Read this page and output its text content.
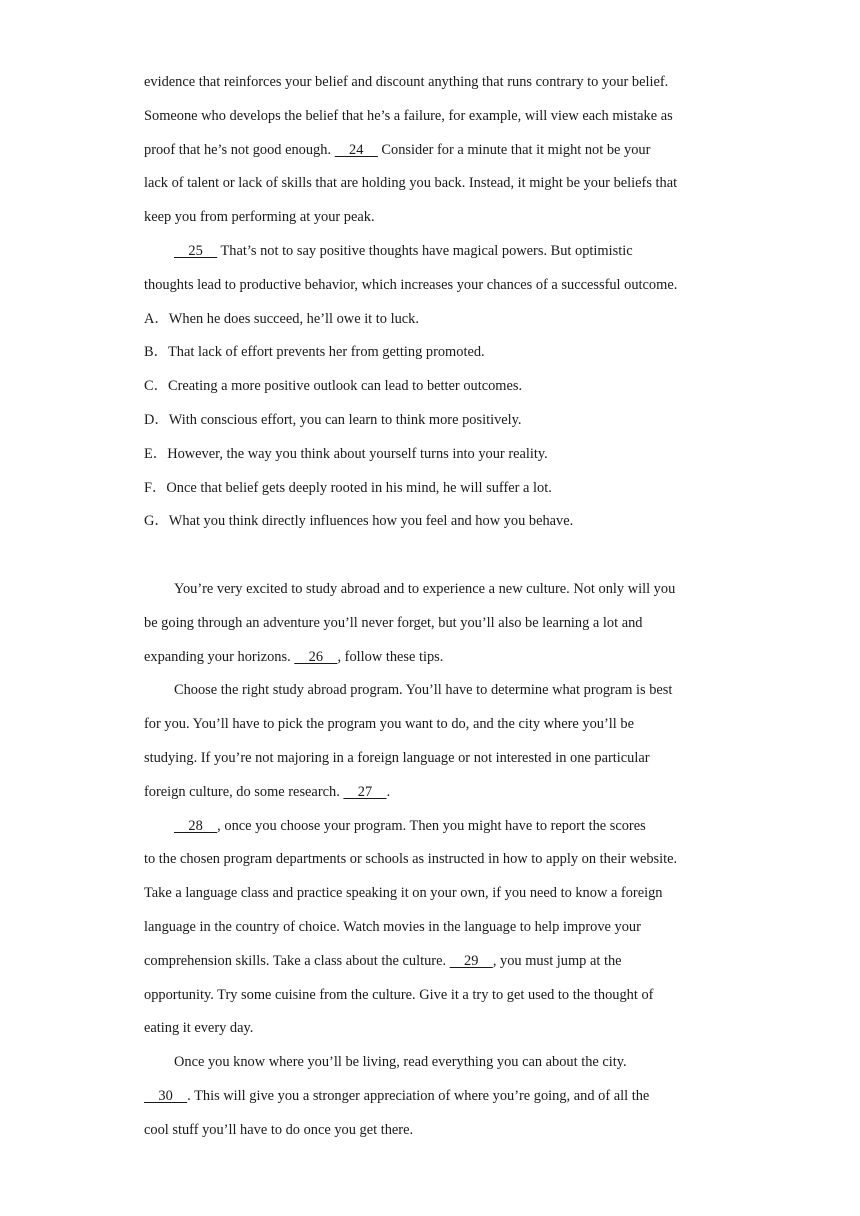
evidence that reinforces your belief and discount anything that runs contrary to your belief.
Someone who develops the belief that he’s a failure, for example, will view each mistake as
proof that he’s not good enough.     24     Consider for a minute that it might not be your
lack of talent or lack of skills that are holding you back. Instead, it might be your beliefs that
keep you from performing at your peak.
25     That’s not to say positive thoughts have magical powers. But optimistic
thoughts lead to productive behavior, which increases your chances of a successful outcome.
A．When he does succeed, he’ll owe it to luck.
B．That lack of effort prevents her from getting promoted.
C．Creating a more positive outlook can lead to better outcomes.
D．With conscious effort, you can learn to think more positively.
E．However, the way you think about yourself turns into your reality.
F．Once that belief gets deeply rooted in his mind, he will suffer a lot.
G．What you think directly influences how you feel and how you behave.
You’re very excited to study abroad and to experience a new culture. Not only will you
be going through an adventure you’ll never forget, but you’ll also be learning a lot and
expanding your horizons.     26    , follow these tips.
Choose the right study abroad program. You’ll have to determine what program is best
for you. You’ll have to pick the program you want to do, and the city where you’ll be
studying. If you’re not majoring in a foreign language or not interested in one particular
foreign culture, do some research.     27    .
28    , once you choose your program. Then you might have to report the scores
to the chosen program departments or schools as instructed in how to apply on their website.
Take a language class and practice speaking it on your own, if you need to know a foreign
language in the country of choice. Watch movies in the language to help improve your
comprehension skills. Take a class about the culture.     29    , you must jump at the
opportunity. Try some cuisine from the culture. Give it a try to get used to the thought of
eating it every day.
Once you know where you’ll be living, read everything you can about the city.
30    . This will give you a stronger appreciation of where you’re going, and of all the
cool stuff you’ll have to do once you get there.
